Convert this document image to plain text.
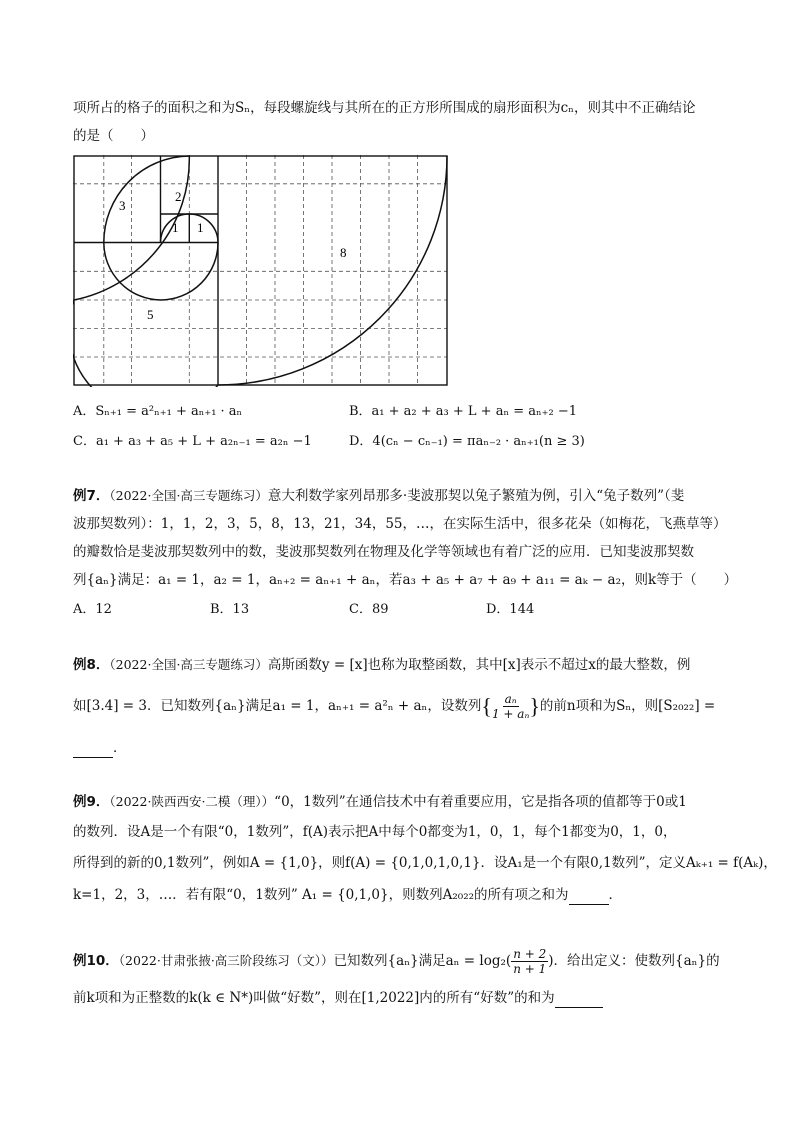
项所占的格子的面积之和为Sₙ，每段螺旋线与其所在的正方形所围成的扇形面积为cₙ，则其中不正确结论
的是（　　）
3
2
1 1
8
5
A．Sₙ₊₁ = a²ₙ₊₁ + aₙ₊₁ · aₙ	B．a₁ + a₂ + a₃ + L + aₙ = aₙ₊₂ −1
C．a₁ + a₃ + a₅ + L + a₂ₙ₋₁ = a₂ₙ −1	D．4(cₙ − cₙ₋₁) = πaₙ₋₂ · aₙ₊₁(n ≥ 3)
例7．（2022·全国·高三专题练习）意大利数学家列昂那多·斐波那契以兔子繁殖为例，引入“兔子数列”（斐
波那契数列）：1，1，2，3，5，8，13，21，34，55，…，在实际生活中，很多花朵（如梅花，飞燕草等）
的瓣数恰是斐波那契数列中的数，斐波那契数列在物理及化学等领域也有着广泛的应用．已知斐波那契数
列{aₙ}满足：a₁ = 1，a₂ = 1，aₙ₊₂ = aₙ₊₁ + aₙ，若a₃ + a₅ + a₇ + a₉ + a₁₁ = aₖ − a₂，则k等于（　　）
A．12	B．13	C．89	D．144
例8．（2022·全国·高三专题练习）高斯函数y = [x]也称为取整函数，其中[x]表示不超过x的最大整数，例
如[3.4] = 3．已知数列{aₙ}满足a₁ = 1，aₙ₊₁ = a²ₙ + aₙ，设数列{ $\frac{\text{aₙ}}{\text{1 + aₙ}}$ }的前n项和为Sₙ，则[S₂₀₂₂] =
．
例9．（2022·陕西西安·二模（理））“0，1数列”在通信技术中有着重要应用，它是指各项的值都等于0或1
的数列．设A是一个有限“0，1数列”，f(A)表示把A中每个0都变为1，0，1，每个1都变为0，1，0，
所得到的新的0,1数列”，例如A = {1,0}，则f(A) = {0,1,0,1,0,1}．设A₁是一个有限0,1数列”，定义Aₖ₊₁ = f(Aₖ)，
k=1，2，3，…．若有限“0，1数列” A₁ = {0,1,0}，则数列A₂₀₂₂的所有项之和为	．
例10．（2022·甘肃张掖·高三阶段练习（文））已知数列{aₙ}满足$a_n = \log_2( \frac{n + 2}{n + 1}$ )．给出定义：使数列{aₙ}的
前k项和为正整数的k(k ∈ N*)叫做“好数”，则在[1,2022]内的所有“好数”的和为
